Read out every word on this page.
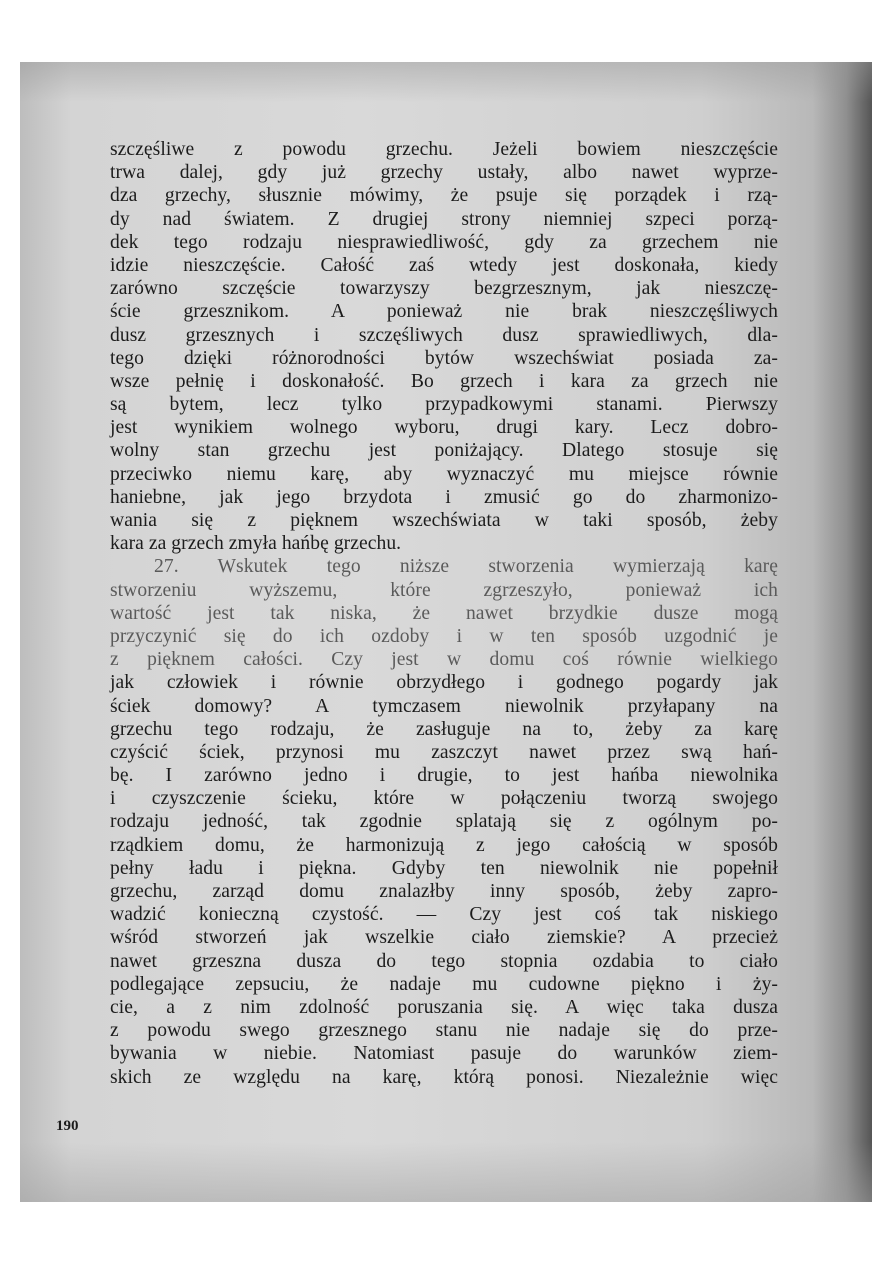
szczęśliwe z powodu grzechu. Jeżeli bowiem nieszczęście
trwa dalej, gdy już grzechy ustały, albo nawet wyprze-
dza grzechy, słusznie mówimy, że psuje się porządek i rzą-
dy nad światem. Z drugiej strony niemniej szpeci porzą-
dek tego rodzaju niesprawiedliwość, gdy za grzechem nie
idzie nieszczęście. Całość zaś wtedy jest doskonała, kiedy
zarówno szczęście towarzyszy bezgrzesznym, jak nieszczę-
ście grzesznikom. A ponieważ nie brak nieszczęśliwych
dusz grzesznych i szczęśliwych dusz sprawiedliwych, dla-
tego dzięki różnorodności bytów wszechświat posiada za-
wsze pełnię i doskonałość. Bo grzech i kara za grzech nie
są bytem, lecz tylko przypadkowymi stanami. Pierwszy
jest wynikiem wolnego wyboru, drugi kary. Lecz dobro-
wolny stan grzechu jest poniżający. Dlatego stosuje się
przeciwko niemu karę, aby wyznaczyć mu miejsce równie
haniebne, jak jego brzydota i zmusić go do zharmonizo-
wania się z pięknem wszechświata w taki sposób, żeby
kara za grzech zmyła hańbę grzechu.
27. Wskutek tego niższe stworzenia wymierzają karę
stworzeniu wyższemu, które zgrzeszyło, ponieważ ich
wartość jest tak niska, że nawet brzydkie dusze mogą
przyczynić się do ich ozdoby i w ten sposób uzgodnić je
z pięknem całości. Czy jest w domu coś równie wielkiego
jak człowiek i równie obrzydłego i godnego pogardy jak
ściek domowy? A tymczasem niewolnik przyłapany na
grzechu tego rodzaju, że zasługuje na to, żeby za karę
czyścić ściek, przynosi mu zaszczyt nawet przez swą hań-
bę. I zarówno jedno i drugie, to jest hańba niewolnika
i czyszczenie ścieku, które w połączeniu tworzą swojego
rodzaju jedność, tak zgodnie splatają się z ogólnym po-
rządkiem domu, że harmonizują z jego całością w sposób
pełny ładu i piękna. Gdyby ten niewolnik nie popełnił
grzechu, zarząd domu znalazłby inny sposób, żeby zapro-
wadzić konieczną czystość. — Czy jest coś tak niskiego
wśród stworzeń jak wszelkie ciało ziemskie? A przecież
nawet grzeszna dusza do tego stopnia ozdabia to ciało
podlegające zepsuciu, że nadaje mu cudowne piękno i ży-
cie, a z nim zdolność poruszania się. A więc taka dusza
z powodu swego grzesznego stanu nie nadaje się do prze-
bywania w niebie. Natomiast pasuje do warunków ziem-
skich ze względu na karę, którą ponosi. Niezależnie więc
190
